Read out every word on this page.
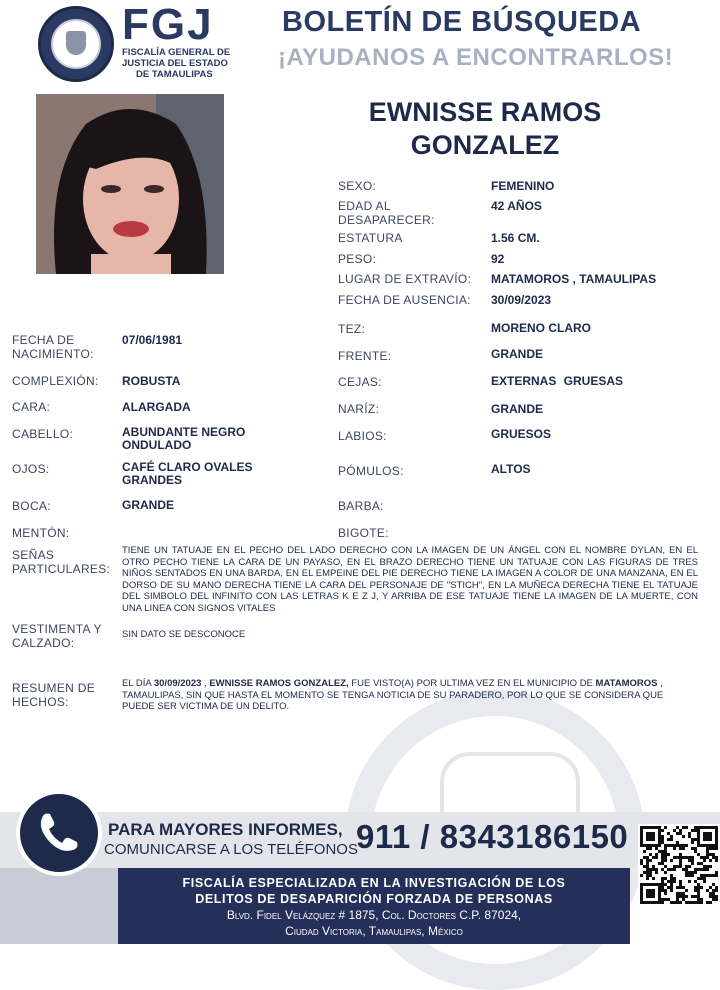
FGJ
FISCALÍA GENERAL DE
JUSTICIA DEL ESTADO
DE TAMAULIPAS
BOLETÍN DE BÚSQUEDA
¡AYUDANOS A ENCONTRARLOS!
EWNISSE RAMOS
GONZALEZ
SEXO:	FEMENINO
EDAD AL DESAPARECER:
42 AÑOS
ESTATURA	1.56 CM.
PESO:	92
LUGAR DE EXTRAVÍO: MATAMOROS , TAMAULIPAS
FECHA DE AUSENCIA: 30/09/2023
FECHA DE NACIMIENTO:
07/06/1981
COMPLEXIÓN: ROBUSTA
CARA:	ALARGADA
CABELLO:	ABUNDANTE NEGRO ONDULADO
OJOS:	CAFÉ CLARO OVALES GRANDES
BOCA:	GRANDE
MENTÓN:
TEZ:	MORENO CLARO
FRENTE:	GRANDE
CEJAS:	EXTERNAS GRUESAS
NARÍZ:	GRANDE
LABIOS:	GRUESOS
PÓMULOS:	ALTOS
BARBA:
BIGOTE:
SEÑAS PARTICULARES:
TIENE UN TATUAJE EN EL PECHO DEL LADO DERECHO CON LA IMAGEN DE UN ÁNGEL CON EL NOMBRE DYLAN, EN EL OTRO PECHO TIENE LA CARA DE UN PAYASO, EN EL BRAZO DERECHO TIENE UN TATUAJE CON LAS FIGURAS DE TRES NIÑOS SENTADOS EN UNA BARDA, EN EL EMPEINE DEL PIE DERECHO TIENE LA IMAGEN A COLOR DE UNA MANZANA, EN EL DORSO DE SU MANO DERECHA TIENE LA CARA DEL PERSONAJE DE "STICH", EN LA MUÑECA DERECHA TIENE EL TATUAJE DEL SIMBOLO DEL INFINITO CON LAS LETRAS K E Z J, Y ARRIBA DE ESE TATUAJE TIENE LA IMAGEN DE LA MUERTE, CON UNA LINEA CON SIGNOS VITALES
VESTIMENTA Y CALZADO:
SIN DATO SE DESCONOCE
RESUMEN DE HECHOS:
EL DÍA 30/09/2023 , EWNISSE RAMOS GONZALEZ, FUE VISTO(A) POR ULTIMA VEZ EN EL MUNICIPIO DE MATAMOROS , TAMAULIPAS, SIN QUE HASTA EL MOMENTO SE TENGA NOTICIA DE SU PARADERO, POR LO QUE SE CONSIDERA QUE PUEDE SER VICTIMA DE UN DELITO.
PARA MAYORES INFORMES,
COMUNICARSE A LOS TELÉFONOS
911 / 8343186150
FISCALÍA ESPECIALIZADA EN LA INVESTIGACIÓN DE LOS
DELITOS DE DESAPARICIÓN FORZADA DE PERSONAS
Blvd. Fidel Velázquez # 1875, Col. Doctores C.P. 87024,
Ciudad Victoria, Tamaulipas, México
